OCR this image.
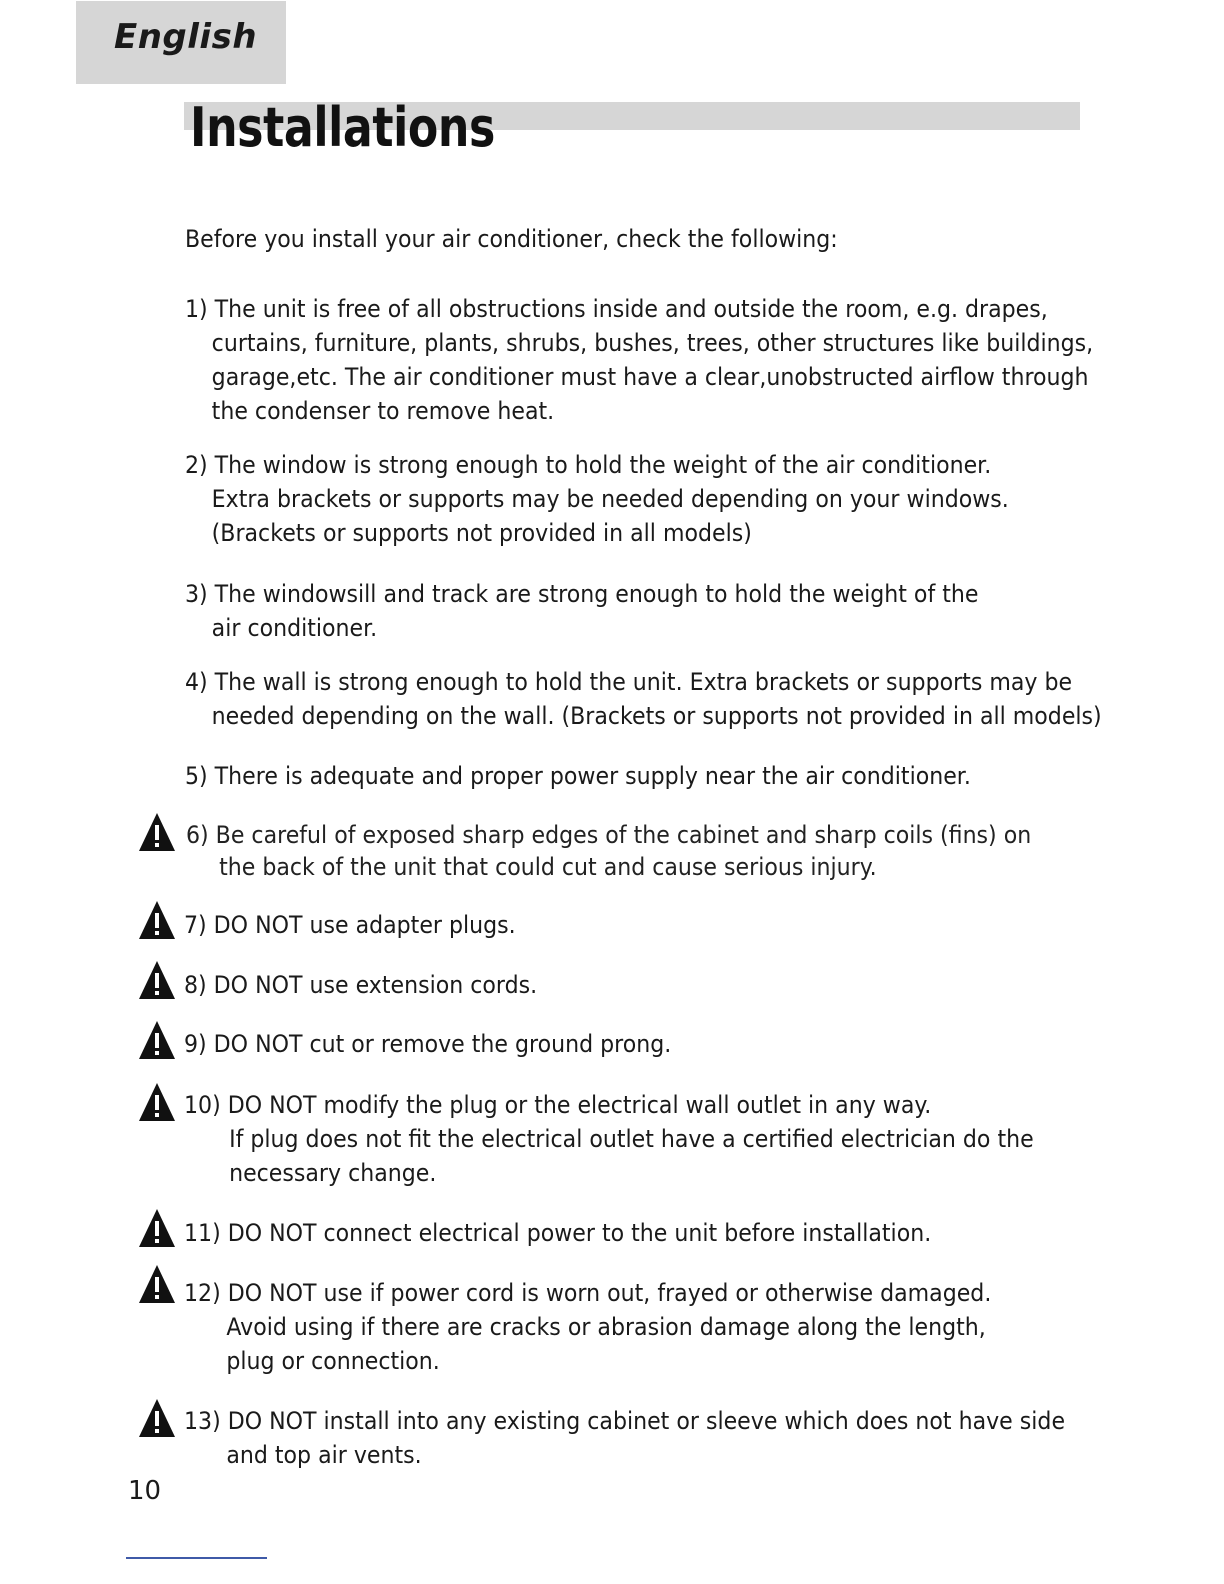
English
Installations
Before you install your air conditioner, check the following:
1) The unit is free of all obstructions inside and outside the room, e.g. drapes,
curtains, furniture, plants, shrubs, bushes, trees, other structures like buildings,
garage,etc. The air conditioner must have a clear,unobstructed airflow through
the condenser to remove heat.
2) The window is strong enough to hold the weight of the air conditioner.
Extra brackets or supports may be needed depending on your windows.
(Brackets or supports not provided in all models)
3) The windowsill and track are strong enough to hold the weight of the
air conditioner.
4) The wall is strong enough to hold the unit. Extra brackets or supports may be
needed depending on the wall. (Brackets or supports not provided in all models)
5) There is adequate and proper power supply near the air conditioner.
6) Be careful of exposed sharp edges of the cabinet and sharp coils (fins) on
the back of the unit that could cut and cause serious injury.
7) DO NOT use adapter plugs.
8) DO NOT use extension cords.
9) DO NOT cut or remove the ground prong.
10) DO NOT modify the plug or the electrical wall outlet in any way.
If plug does not fit the electrical outlet have a certified electrician do the
necessary change.
11) DO NOT connect electrical power to the unit before installation.
12) DO NOT use if power cord is worn out, frayed or otherwise damaged.
Avoid using if there are cracks or abrasion damage along the length,
plug or connection.
13) DO NOT install into any existing cabinet or sleeve which does not have side
and top air vents.
10
